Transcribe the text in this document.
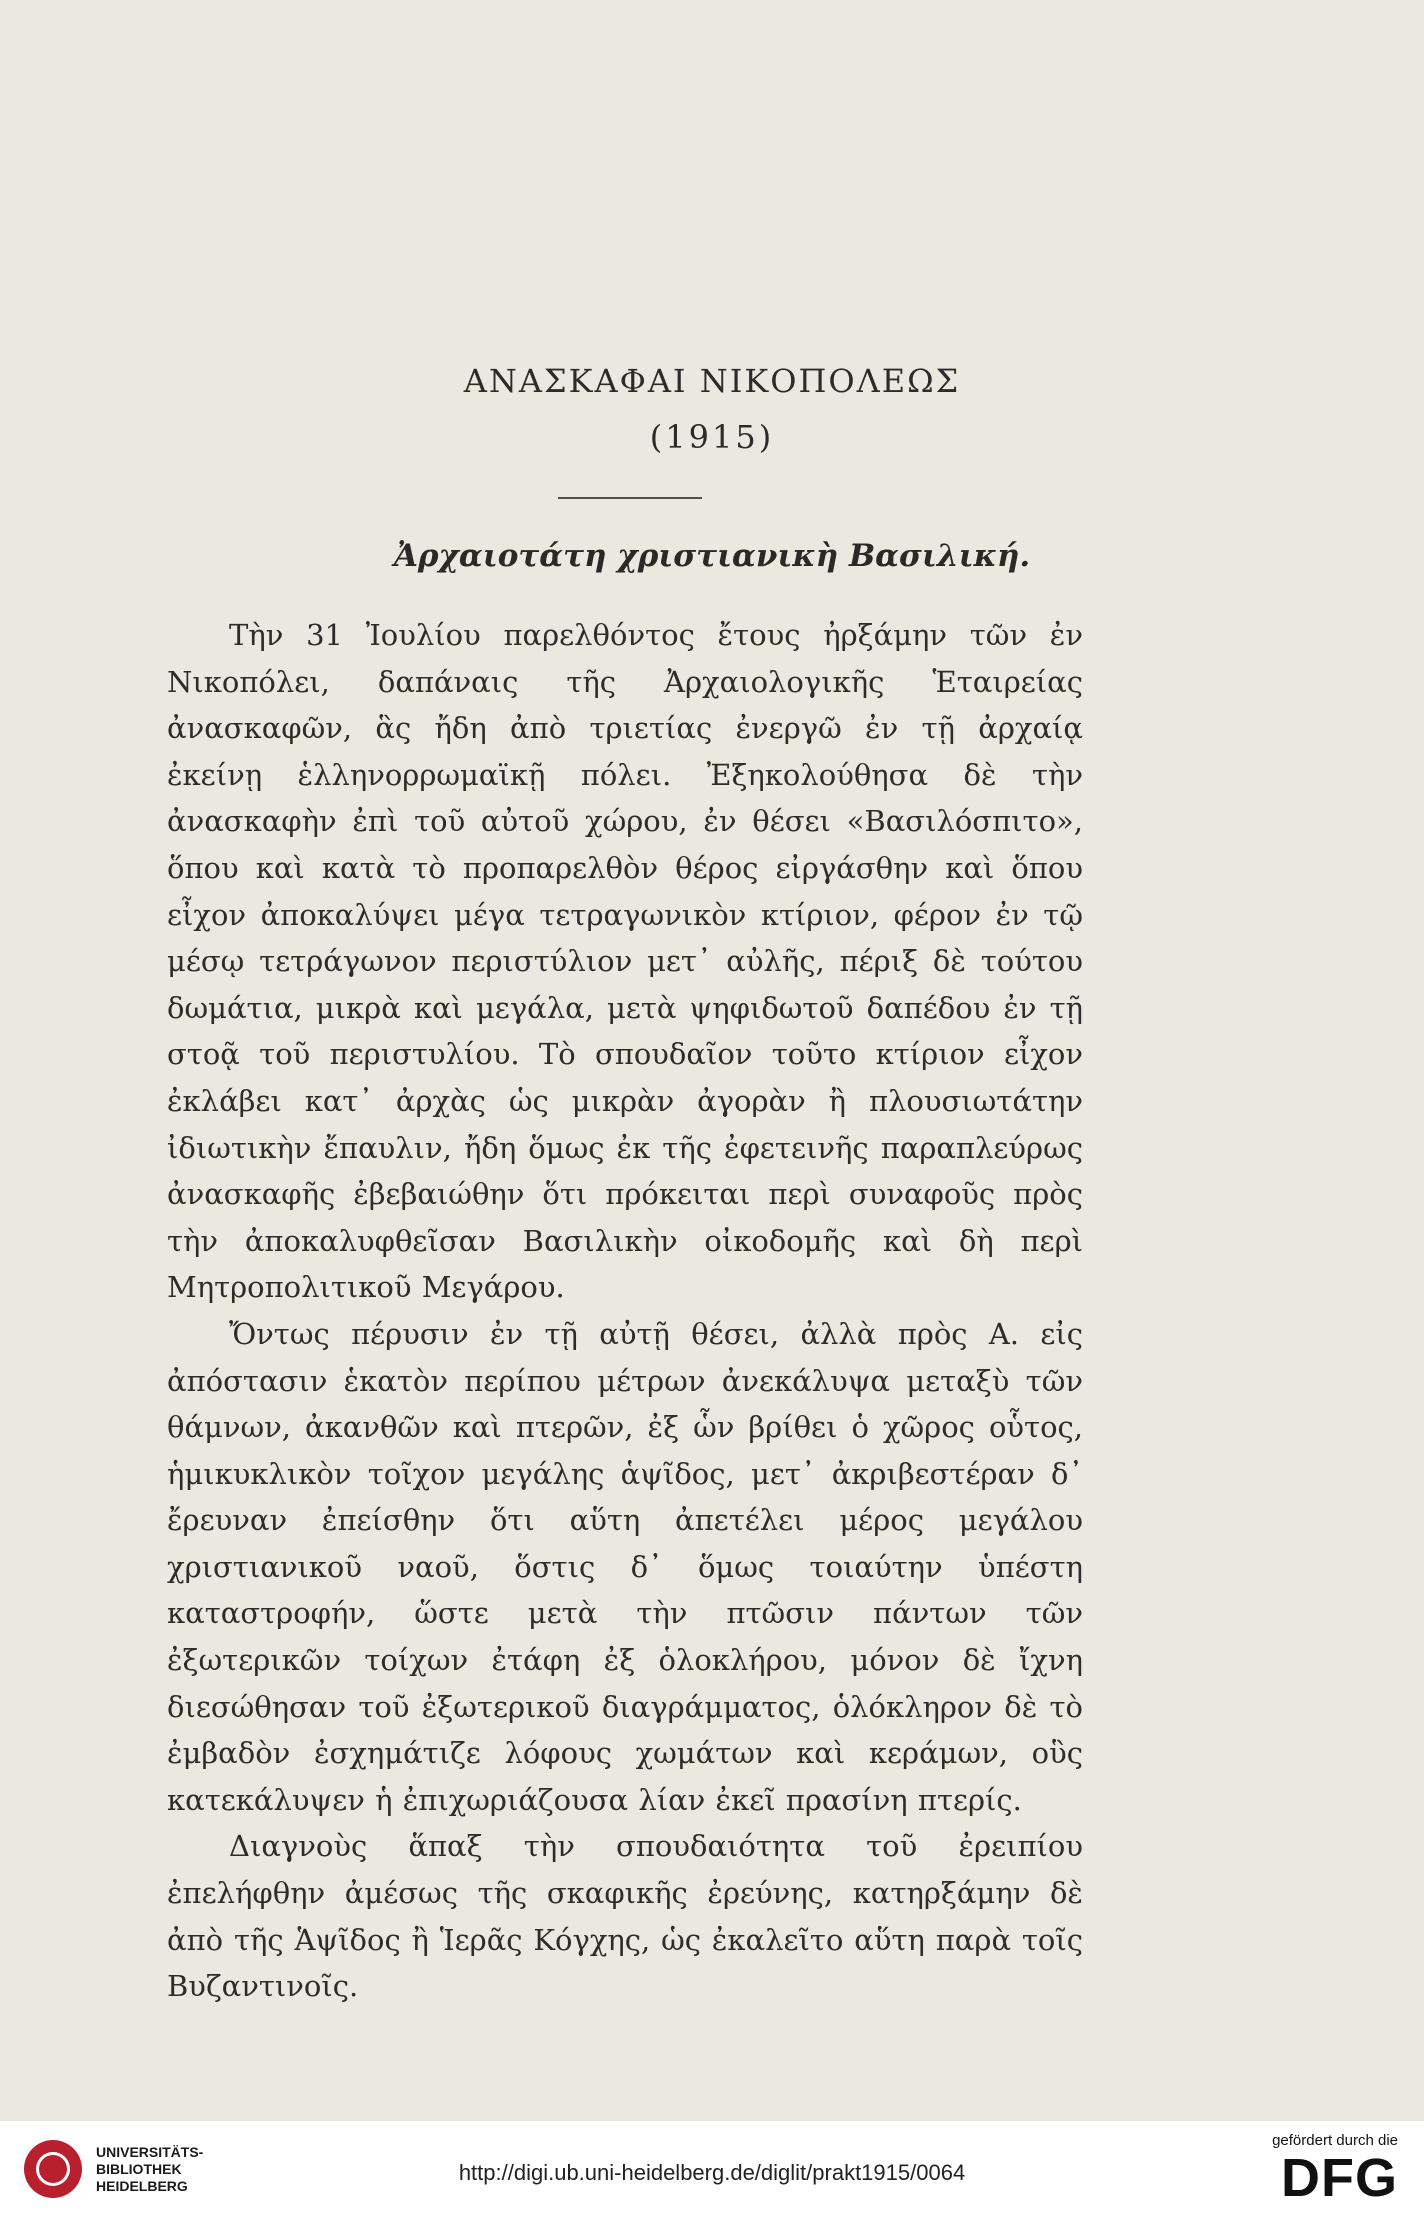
ΑΝΑΣΚΑΦΑΙ ΝΙΚΟΠΟΛΕΩΣ
(1915)
Ἀρχαιοτάτη χριστιανικὴ Βασιλική.

Τὴν 31 Ἰουλίου παρελθόντος ἔτους ἠρξάμην τῶν ἐν Νικοπόλει, δαπάναις τῆς Ἀρχαιολογικῆς Ἑταιρείας ἀνασκαφῶν, ἃς ἤδη ἀπὸ τριετίας ἐνεργῶ ἐν τῇ ἀρχαίᾳ ἐκείνῃ ἑλληνορρωμαϊκῇ πόλει. Ἐξηκολούθησα δὲ τὴν ἀνασκαφὴν ἐπὶ τοῦ αὐτοῦ χώρου, ἐν θέσει «Βασιλόσπιτο», ὅπου καὶ κατὰ τὸ προπαρελθὸν θέρος εἰργάσθην καὶ ὅπου εἶχον ἀποκαλύψει μέγα τετραγωνικὸν κτίριον, φέρον ἐν τῷ μέσῳ τετράγωνον περιστύλιον μετ᾽ αὐλῆς, πέριξ δὲ τούτου δωμάτια, μικρὰ καὶ μεγάλα, μετὰ ψηφιδωτοῦ δαπέδου ἐν τῇ στοᾷ τοῦ περιστυλίου. Τὸ σπουδαῖον τοῦτο κτίριον εἶχον ἐκλάβει κατ᾽ ἀρχὰς ὡς μικρὰν ἀγορὰν ἢ πλουσιωτάτην ἰδιωτικὴν ἔπαυλιν, ἤδη ὅμως ἐκ τῆς ἐφετεινῆς παραπλεύρως ἀνασκαφῆς ἐβεβαιώθην ὅτι πρόκειται περὶ συναφοῦς πρὸς τὴν ἀποκαλυφθεῖσαν Βασιλικὴν οἰκοδομῆς καὶ δὴ περὶ Μητροπολιτικοῦ Μεγάρου.

Ὄντως πέρυσιν ἐν τῇ αὐτῇ θέσει, ἀλλὰ πρὸς Α. εἰς ἀπόστασιν ἑκατὸν περίπου μέτρων ἀνεκάλυψα μεταξὺ τῶν θάμνων, ἀκανθῶν καὶ πτερῶν, ἐξ ὧν βρίθει ὁ χῶρος οὗτος, ἡμικυκλικὸν τοῖχον μεγάλης ἁψῖδος, μετ᾽ ἀκριβεστέραν δ᾽ ἔρευναν ἐπείσθην ὅτι αὕτη ἀπετέλει μέρος μεγάλου χριστιανικοῦ ναοῦ, ὅστις δ᾽ ὅμως τοιαύτην ὑπέστη καταστροφήν, ὥστε μετὰ τὴν πτῶσιν πάντων τῶν ἐξωτερικῶν τοίχων ἐτάφη ἐξ ὁλοκλήρου, μόνον δὲ ἴχνη διεσώθησαν τοῦ ἐξωτερικοῦ διαγράμματος, ὁλόκληρον δὲ τὸ ἐμβαδὸν ἐσχημάτιζε λόφους χωμάτων καὶ κεράμων, οὓς κατεκάλυψεν ἡ ἐπιχωριάζουσα λίαν ἐκεῖ πρασίνη πτερίς.

Διαγνοὺς ἅπαξ τὴν σπουδαιότητα τοῦ ἐρειπίου ἐπελήφθην ἀμέσως τῆς σκαφικῆς ἐρεύνης, κατηρξάμην δὲ ἀπὸ τῆς Ἁψῖδος ἢ Ἱερᾶς Κόγχης, ὡς ἐκαλεῖτο αὕτη παρὰ τοῖς Βυζαντινοῖς.

UNIVERSITÄTS-
BIBLIOTHEK
HEIDELBERG
http://digi.ub.uni-heidelberg.de/diglit/prakt1915/0064
gefördert durch die
DFG
